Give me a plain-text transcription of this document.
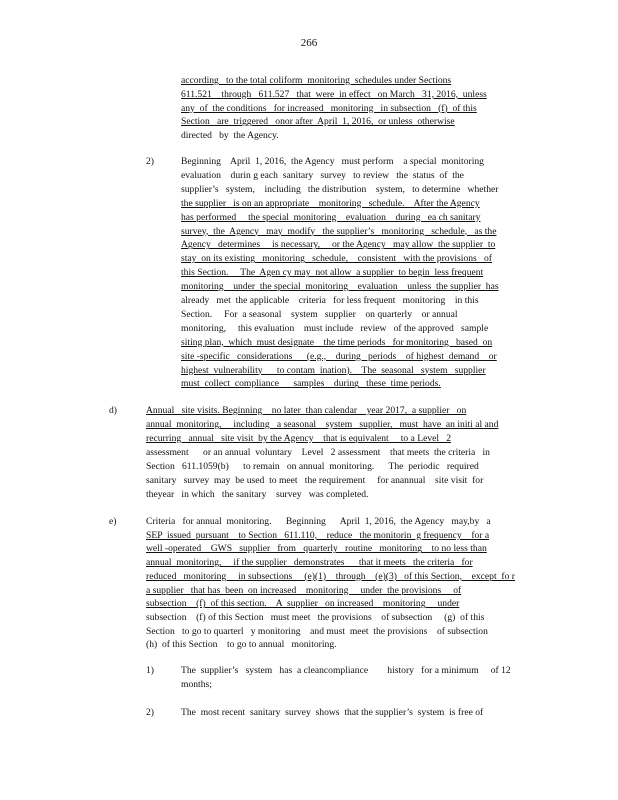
266
according   to the total coliform  monitoring  schedules under Sections
611.521    through   611.527   that  were  in effect   on March   31, 2016,  unless
any  of  the conditions   for increased   monitoring   in subsection   (f)  of this
Section   are  triggered   onor after  April  1, 2016,  or unless  otherwise
directed   by  the Agency.
2)	Beginning    April  1, 2016,  the Agency   must perform    a special  monitoring
evaluation    durin g each  sanitary   survey   to review   the  status  of  the
supplier’s   system,    including   the distribution    system,   to determine   whether
the supplier   is on an appropriate    monitoring   schedule.    After the Agency
has performed     the special  monitoring    evaluation    during   ea ch sanitary
survey,  the  Agency   may  modify   the supplier’s   monitoring   schedule,   as the
Agency   determines     is necessary,     or the Agency   may allow  the supplier  to
stay  on its existing   monitoring   schedule,    consistent   with the provisions   of
this Section.     The  Agen cy may  not allow  a supplier  to begin  less frequent
monitoring    under  the special  monitoring    evaluation    unless  the supplier  has
already   met  the applicable    criteria   for less frequent   monitoring    in this
Section.     For  a seasonal    system   supplier    on quarterly    or annual
monitoring,     this evaluation    must include   review   of the approved   sample
siting plan,  which  must designate    the time periods   for monitoring   based  on
site -specific   considerations      (e.g.,    during   periods    of highest  demand    or
highest  vulnerability      to contam  ination).    The  seasonal   system   supplier
must  collect  compliance      samples    during   these  time periods.
d)	Annual   site visits. Beginning    no later  than calendar    year 2017,  a supplier   on
annual  monitoring,     including   a seasonal    system   supplier,   must  have  an initi al and
recurring   annual   site visit  by the Agency    that is equivalent     to a Level   2
assessment      or an annual  voluntary    Level   2 assessment    that meets  the criteria   in
Section   611.1059(b)      to remain   on annual  monitoring.      The  periodic   required
sanitary   survey  may  be used  to meet   the requirement     for anannual    site visit  for
theyear   in which   the sanitary    survey   was completed.
e)	Criteria   for annual  monitoring.      Beginning      April  1, 2016,  the Agency   may,by   a
SEP  issued  pursuant    to Section   611.110,    reduce   the monitorin  g frequency    for a
well -operated    GWS   supplier   from   quarterly   routine   monitoring    to no less than
annual  monitoring,     if the supplier   demonstrates      that it meets   the criteria   for
reduced   monitoring     in subsections     (e)(1)    through    (e)(3)   of this Section,    except  fo r
a supplier   that has  been  on increased    monitoring     under  the provisions     of
subsection    (f)  of this section.    A  supplier   on increased    monitoring     under
subsection    (f) of this Section   must meet   the provisions    of subsection     (g)  of this
Section   to go to quarterl   y monitoring    and must  meet  the provisions    of subsection
(h)  of this Section    to go to annual   monitoring.
1)	The  supplier’s   system   has  a cleancompliance        history   for a minimum     of 12
months;
2)	The  most recent  sanitary  survey  shows  that the supplier’s  system  is free of
